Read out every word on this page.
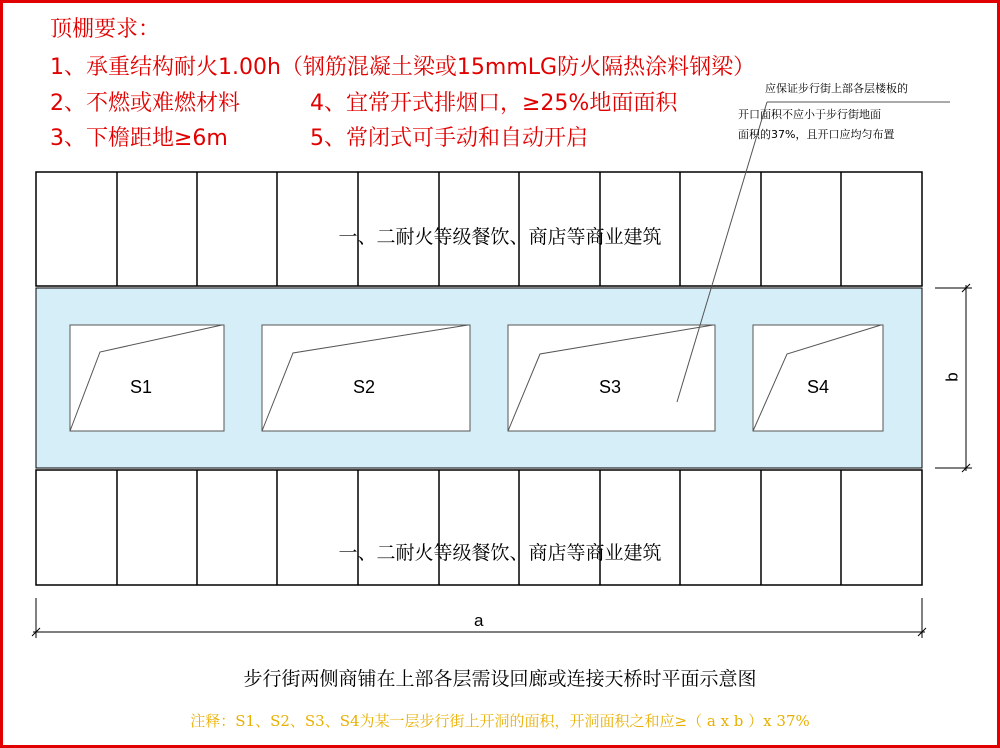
顶棚要求：
1、承重结构耐火1.00h（钢筋混凝土梁或15mmLG防火隔热涂料钢梁）
2、不燃或难燃材料
3、下檐距地≥6m
4、宜常开式排烟口，≥25%地面面积
5、常闭式可手动和自动开启
应保证步行街上部各层楼板的
开口面积不应小于步行街地面
面积的37%，且开口应均匀布置
一、二耐火等级餐饮、商店等商业建筑
一、二耐火等级餐饮、商店等商业建筑
S1	S2	S3	S4
a
b
步行街两侧商铺在上部各层需设回廊或连接天桥时平面示意图
注释：S1、S2、S3、S4为某一层步行街上开洞的面积，开洞面积之和应≥（ a x b ）x 37%
